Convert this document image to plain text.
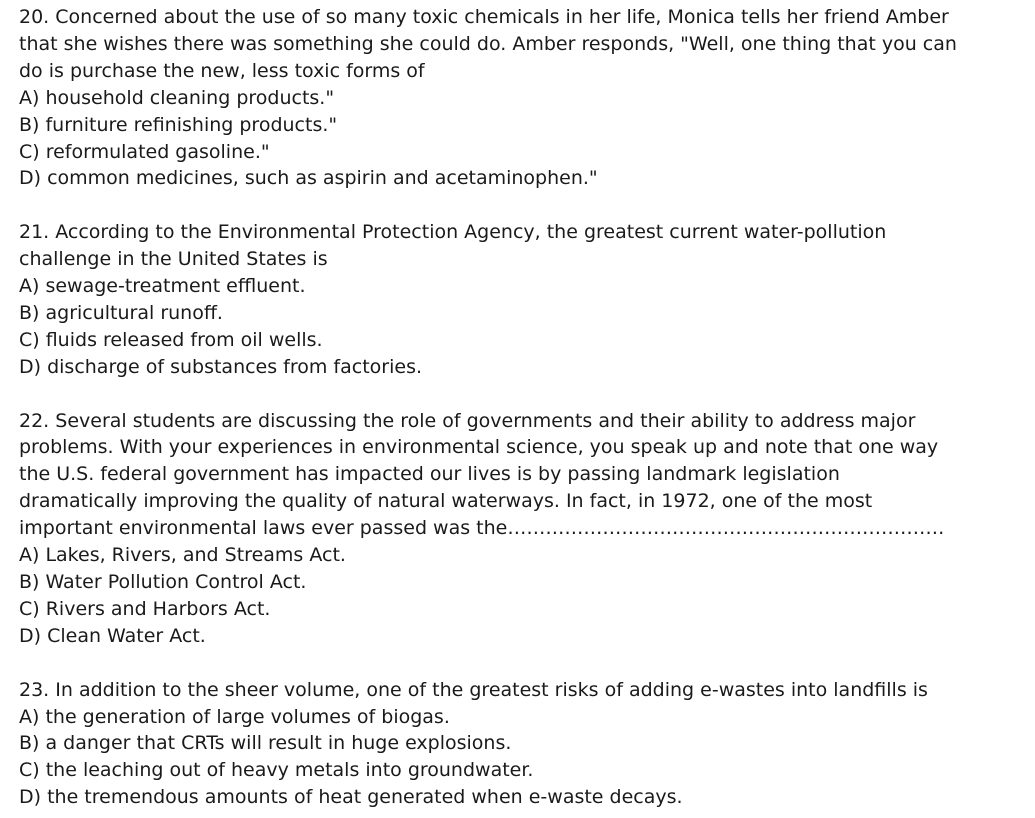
20. Concerned about the use of so many toxic chemicals in her life, Monica tells her friend Amber that she wishes there was something she could do. Amber responds, "Well, one thing that you can do is purchase the new, less toxic forms of
A) household cleaning products."
B) furniture refinishing products."
C) reformulated gasoline."
D) common medicines, such as aspirin and acetaminophen."
21. According to the Environmental Protection Agency, the greatest current water-pollution challenge in the United States is
A) sewage-treatment effluent.
B) agricultural runoff.
C) fluids released from oil wells.
D) discharge of substances from factories.
22. Several students are discussing the role of governments and their ability to address major problems. With your experiences in environmental science, you speak up and note that one way the U.S. federal government has impacted our lives is by passing landmark legislation dramatically improving the quality of natural waterways. In fact, in 1972, one of the most important environmental laws ever passed was the……………………………………………………………
A) Lakes, Rivers, and Streams Act.
B) Water Pollution Control Act.
C) Rivers and Harbors Act.
D) Clean Water Act.
23. In addition to the sheer volume, one of the greatest risks of adding e-wastes into landfills is
A) the generation of large volumes of biogas.
B) a danger that CRTs will result in huge explosions.
C) the leaching out of heavy metals into groundwater.
D) the tremendous amounts of heat generated when e-waste decays.
